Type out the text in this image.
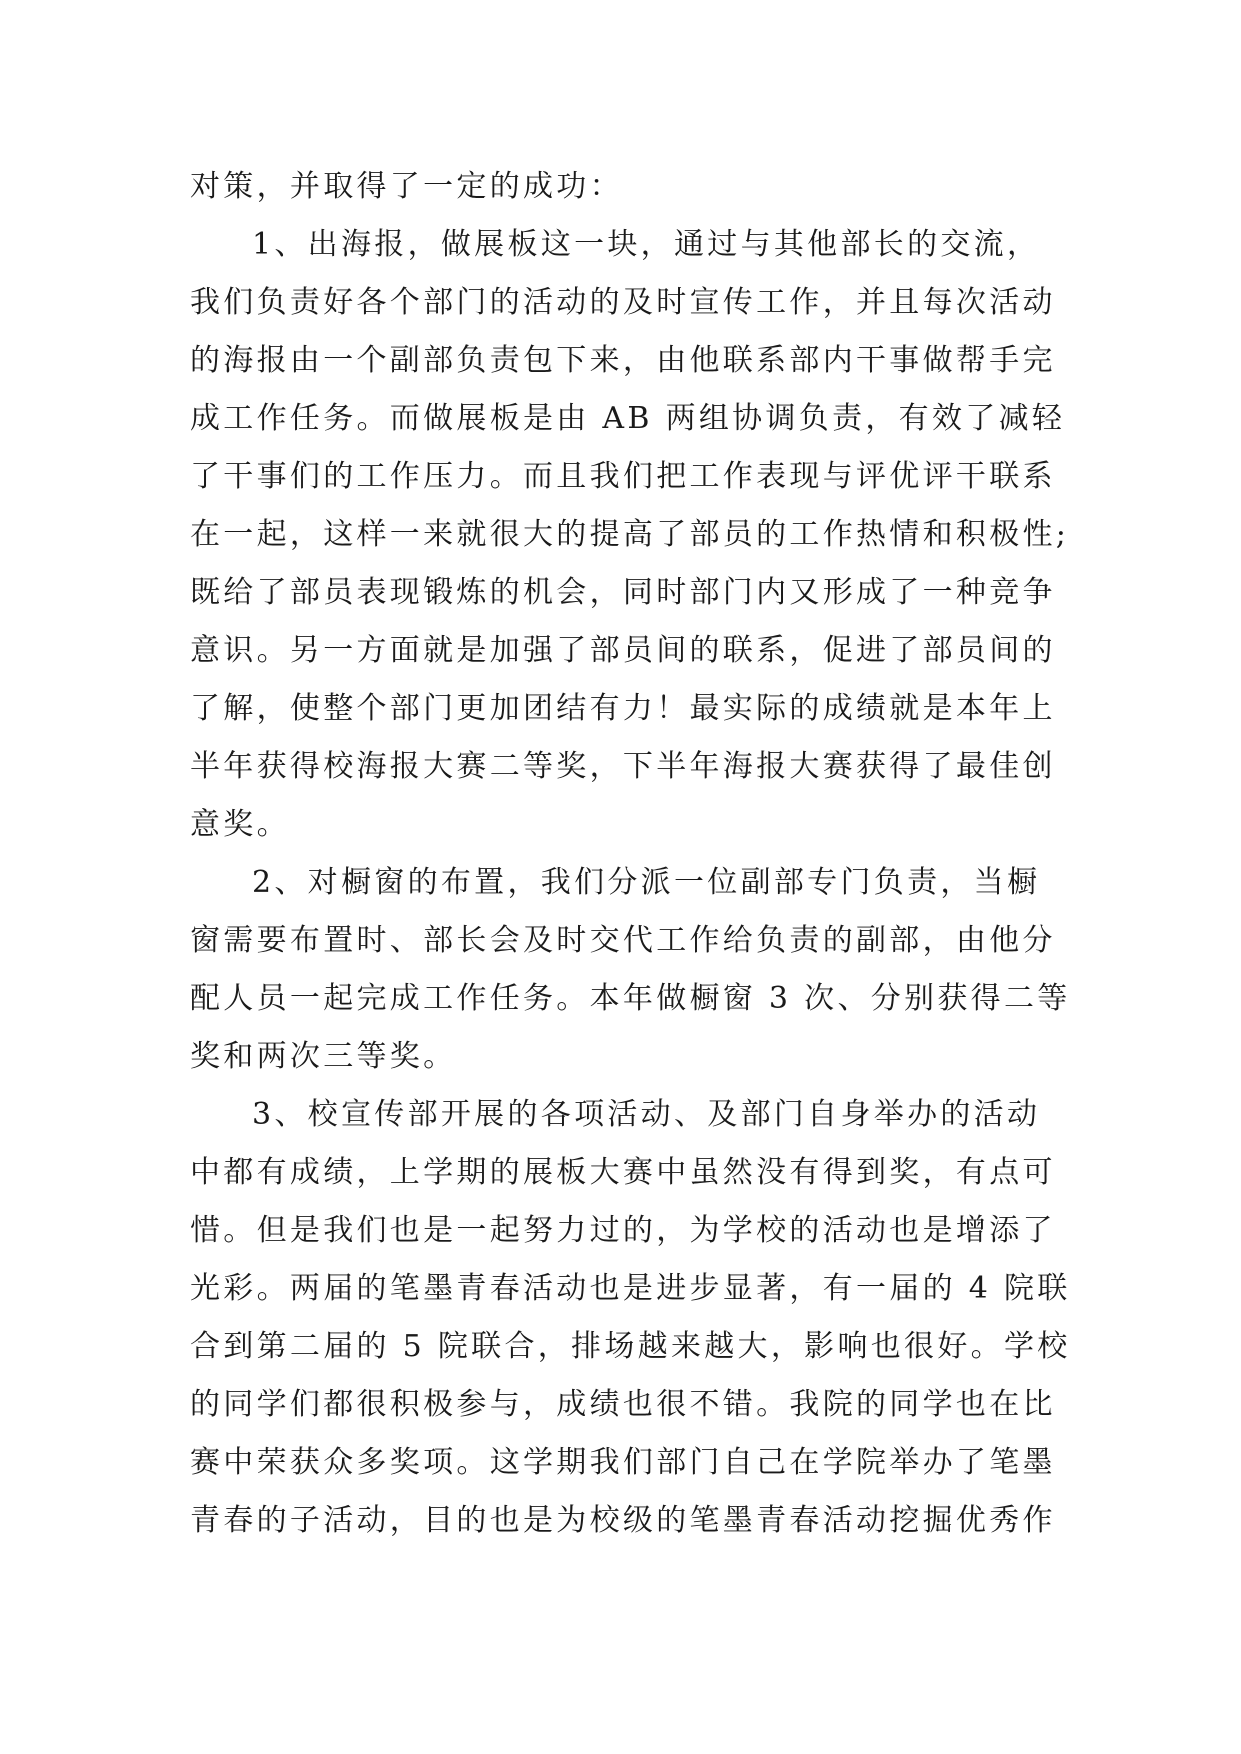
对策，并取得了一定的成功：
1、出海报，做展板这一块，通过与其他部长的交流，
我们负责好各个部门的活动的及时宣传工作，并且每次活动
的海报由一个副部负责包下来，由他联系部内干事做帮手完
成工作任务。而做展板是由 AB 两组协调负责，有效了减轻
了干事们的工作压力。而且我们把工作表现与评优评干联系
在一起，这样一来就很大的提高了部员的工作热情和积极性;
既给了部员表现锻炼的机会，同时部门内又形成了一种竞争
意识。另一方面就是加强了部员间的联系，促进了部员间的
了解，使整个部门更加团结有力！最实际的成绩就是本年上
半年获得校海报大赛二等奖，下半年海报大赛获得了最佳创
意奖。
2、对橱窗的布置，我们分派一位副部专门负责，当橱
窗需要布置时、部长会及时交代工作给负责的副部，由他分
配人员一起完成工作任务。本年做橱窗 3 次、分别获得二等
奖和两次三等奖。
3、校宣传部开展的各项活动、及部门自身举办的活动
中都有成绩，上学期的展板大赛中虽然没有得到奖，有点可
惜。但是我们也是一起努力过的，为学校的活动也是增添了
光彩。两届的笔墨青春活动也是进步显著，有一届的 4 院联
合到第二届的 5 院联合，排场越来越大，影响也很好。学校
的同学们都很积极参与，成绩也很不错。我院的同学也在比
赛中荣获众多奖项。这学期我们部门自己在学院举办了笔墨
青春的子活动，目的也是为校级的笔墨青春活动挖掘优秀作
